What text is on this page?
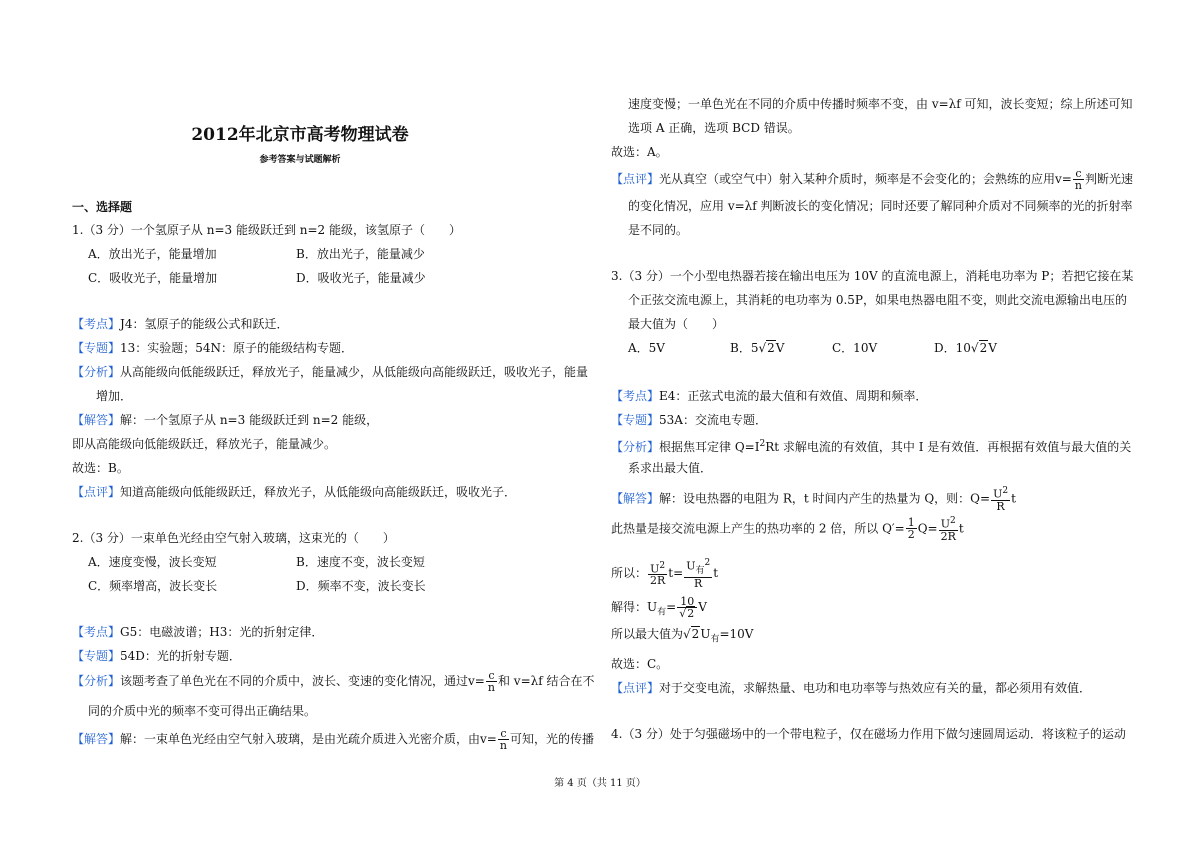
2012年北京市高考物理试卷
参考答案与试题解析
一、选择题
1.（3 分）一个氢原子从 n=3 能级跃迁到 n=2 能级，该氢原子（　　）
A．放出光子，能量增加	B．放出光子，能量减少
C．吸收光子，能量增加	D．吸收光子，能量减少
【考点】J4：氢原子的能级公式和跃迁．
【专题】13：实验题；54N：原子的能级结构专题．
【分析】从高能级向低能级跃迁，释放光子，能量减少，从低能级向高能级跃迁，吸收光子，能量
增加．
【解答】解：一个氢原子从 n=3 能级跃迁到 n=2 能级，
即从高能级向低能级跃迁，释放光子，能量减少。
故选：B。
【点评】知道高能级向低能级跃迁，释放光子，从低能级向高能级跃迁，吸收光子．
2.（3 分）一束单色光经由空气射入玻璃，这束光的（　　）
A．速度变慢，波长变短	B．速度不变，波长变短
C．频率增高，波长变长	D．频率不变，波长变长
【考点】G5：电磁波谱；H3：光的折射定律．
【专题】54D：光的折射专题．
【分析】该题考查了单色光在不同的介质中，波长、变速的变化情况，通过$v= \frac{c}{n}$ 和 v=λf 结合在不
同的介质中光的频率不变可得出正确结果。
【解答】解：一束单色光经由空气射入玻璃，是由光疏介质进入光密介质，由$v= \frac{c}{n}$ 可知，光的传播
速度变慢；一单色光在不同的介质中传播时频率不变，由 v=λf 可知，波长变短；综上所述可知
选项 A 正确，选项 BCD 错误。
故选：A。
【点评】光从真空（或空气中）射入某种介质时，频率是不会变化的；会熟练的应用$v= \frac{c}{n}$ 判断光速
的变化情况，应用 v=λf 判断波长的变化情况；同时还要了解同种介质对不同频率的光的折射率
是不同的。
3.（3 分）一个小型电热器若接在输出电压为 10V 的直流电源上，消耗电功率为 P；若把它接在某
个正弦交流电源上，其消耗的电功率为 0.5P，如果电热器电阻不变，则此交流电源输出电压的
最大值为（　　）
A．5V	B．5√2V	C．10V	D．10√2V
【考点】E4：正弦式电流的最大值和有效值、周期和频率．
【专题】53A：交流电专题．
【分析】根据焦耳定律 $Q=I^2Rt$ 求解电流的有效值，其中 I 是有效值．再根据有效值与最大值的关
系求出最大值．
【解答】解：设电热器的电阻为 R，t 时间内产生的热量为 Q，则：$Q= \frac{U^2}{R}$ t
此热量是接交流电源上产生的热功率的 2 倍，所以 $Q'= \frac{1}{2} Q= \frac{U^2}{2R}$ t
所以： $\frac{U^2}{2R} t= \frac{U_有^2}{R}$ t
解得：$U_有= \frac{10}{√2}$ V
所以最大值为$√2U_有=10V$
故选：C。
【点评】对于交变电流，求解热量、电功和电功率等与热效应有关的量，都必须用有效值．
4.（3 分）处于匀强磁场中的一个带电粒子，仅在磁场力作用下做匀速圆周运动．将该粒子的运动
第 4 页（共 11 页）
